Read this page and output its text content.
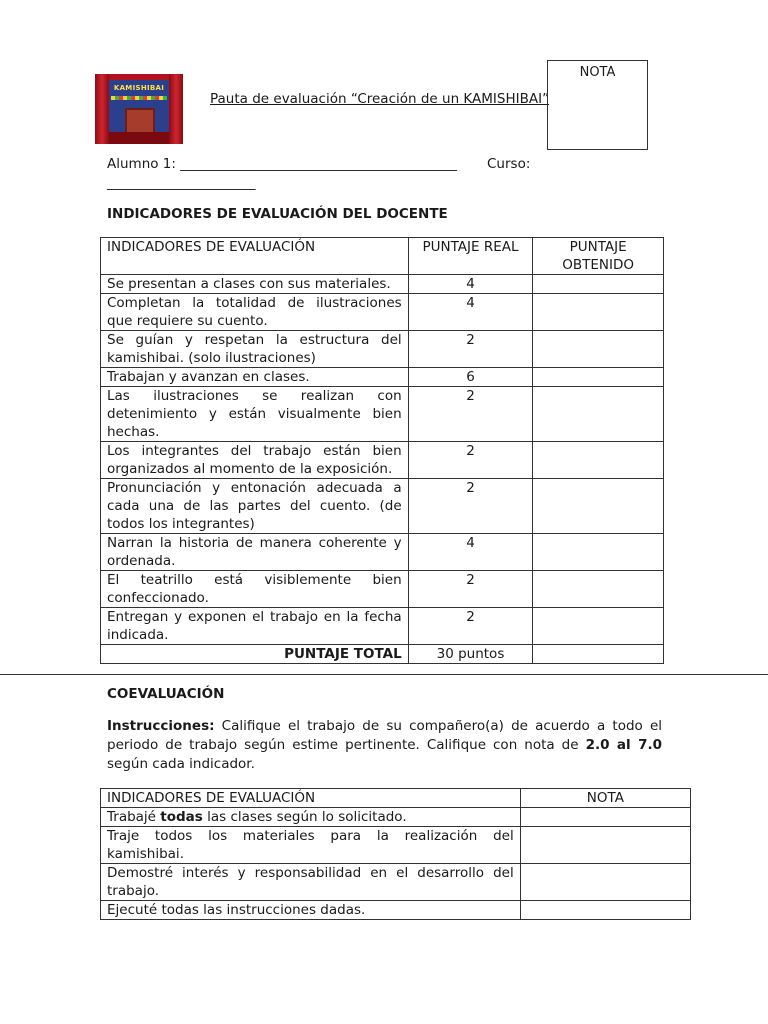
KAMISHIBAI
Pauta de evaluación “Creación de un KAMISHIBAI”
NOTA
Alumno 1: _________________________________________ Curso:
______________________
INDICADORES DE EVALUACIÓN DEL DOCENTE
INDICADORES DE EVALUACIÓN	PUNTAJE REAL	PUNTAJE OBTENIDO
Se presentan a clases con sus materiales.	4	
Completan la totalidad de ilustraciones que requiere su cuento.	4	
Se guían y respetan la estructura del kamishibai. (solo ilustraciones)	2	
Trabajan y avanzan en clases.	6	
Las ilustraciones se realizan con detenimiento y están visualmente bien hechas.	2	
Los integrantes del trabajo están bien organizados al momento de la exposición.	2	
Pronunciación y entonación adecuada a cada una de las partes del cuento. (de todos los integrantes)	2	
Narran la historia de manera coherente y ordenada.	4	
El teatrillo está visiblemente bien confeccionado.	2	
Entregan y exponen el trabajo en la fecha indicada.	2	
PUNTAJE TOTAL	30 puntos	
COEVALUACIÓN
Instrucciones: Califique el trabajo de su compañero(a) de acuerdo a todo el periodo de trabajo según estime pertinente. Califique con nota de 2.0 al 7.0 según cada indicador.
INDICADORES DE EVALUACIÓN	NOTA
Trabajé todas las clases según lo solicitado.	
Traje todos los materiales para la realización del kamishibai.	
Demostré interés y responsabilidad en el desarrollo del trabajo.	
Ejecuté todas las instrucciones dadas.	
